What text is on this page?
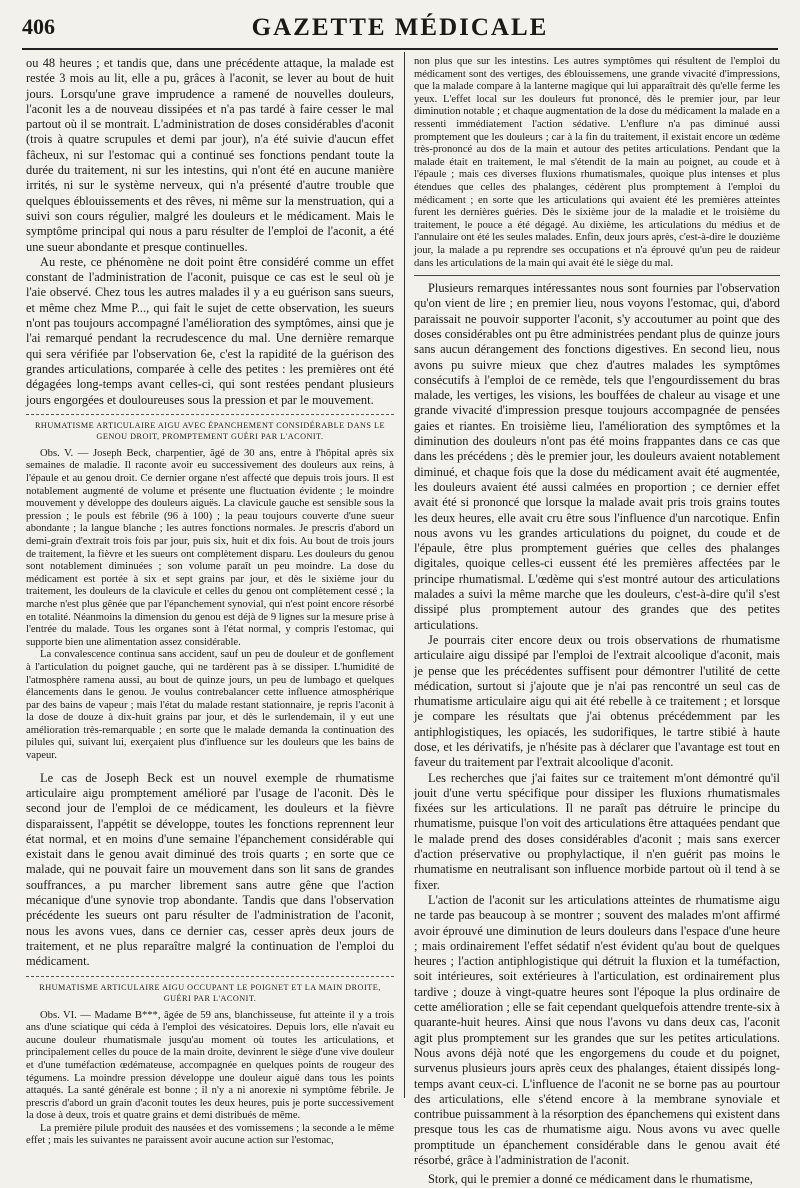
406	GAZETTE MÉDICALE

ou 48 heures ; et tandis que, dans une précédente attaque, la malade est restée 3 mois au lit, elle a pu, grâces à l'aconit, se lever au bout de huit jours. Lorsqu'une grave imprudence a ramené de nouvelles douleurs, l'aconit les a de nouveau dissipées et n'a pas tardé à faire cesser le mal partout où il se montrait. L'administration de doses considérables d'aconit (trois à quatre scrupules et demi par jour), n'a été suivie d'aucun effet fâcheux, ni sur l'estomac qui a continué ses fonctions pendant toute la durée du traitement, ni sur les intestins, qui n'ont été en aucune manière irrités, ni sur le système nerveux, qui n'a présenté d'autre trouble que quelques éblouissements et des rêves, ni même sur la menstruation, qui a suivi son cours régulier, malgré les douleurs et le médicament. Mais le symptôme principal qui nous a paru résulter de l'emploi de l'aconit, a été une sueur abondante et presque continuelles.

Au reste, ce phénomène ne doit point être considéré comme un effet constant de l'administration de l'aconit, puisque ce cas est le seul où je l'aie observé. Chez tous les autres malades il y a eu guérison sans sueurs, et même chez Mme P..., qui fait le sujet de cette observation, les sueurs n'ont pas toujours accompagné l'amélioration des symptômes, ainsi que je l'ai remarqué pendant la recrudescence du mal. Une dernière remarque qui sera vérifiée par l'observation 6e, c'est la rapidité de la guérison des grandes articulations, comparée à celle des petites : les premières ont été dégagées long-temps avant celles-ci, qui sont restées pendant plusieurs jours engorgées et douloureuses sous la pression et par le mouvement.

RHUMATISME ARTICULAIRE AIGU AVEC ÉPANCHEMENT CONSIDÉRABLE DANS LE GENOU DROIT, PROMPTEMENT GUÉRI PAR L'ACONIT.

Obs. V. — Joseph Beck, charpentier, âgé de 30 ans, entre à l'hôpital après six semaines de maladie. Il raconte avoir eu successivement des douleurs aux reins, à l'épaule et au genou droit. Ce dernier organe n'est affecté que depuis trois jours. Il est notablement augmenté de volume et présente une fluctuation évidente ; le moindre mouvement y développe des douleurs aiguës. La clavicule gauche est sensible sous la pression ; le pouls est fébrile (96 à 100) ; la peau toujours couverte d'une sueur abondante ; la langue blanche ; les autres fonctions normales. Je prescris d'abord un demi-grain d'extrait trois fois par jour, puis six, huit et dix fois. Au bout de trois jours de traitement, la fièvre et les sueurs ont complètement disparu. Les douleurs du genou sont notablement diminuées ; son volume paraît un peu moindre. La dose du médicament est portée à six et sept grains par jour, et dès le sixième jour du traitement, les douleurs de la clavicule et celles du genou ont complètement cessé ; la marche n'est plus gênée que par l'épanchement synovial, qui n'est point encore résorbé en totalité. Néanmoins la dimension du genou est déjà de 9 lignes sur la mesure prise à l'entrée du malade. Tous les organes sont à l'état normal, y compris l'estomac, qui supporte bien une alimentation assez considérable.

La convalescence continua sans accident, sauf un peu de douleur et de gonflement à l'articulation du poignet gauche, qui ne tardèrent pas à se dissiper. L'humidité de l'atmosphère ramena aussi, au bout de quinze jours, un peu de lumbago et quelques élancements dans le genou. Je voulus contrebalancer cette influence atmosphérique par des bains de vapeur ; mais l'état du malade restant stationnaire, je repris l'aconit à la dose de douze à dix-huit grains par jour, et dès le surlendemain, il y eut une amélioration très-remarquable ; en sorte que le malade demanda la continuation des pilules qui, suivant lui, exerçaient plus d'influence sur les douleurs que les bains de vapeur.

Le cas de Joseph Beck est un nouvel exemple de rhumatisme articulaire aigu promptement amélioré par l'usage de l'aconit. Dès le second jour de l'emploi de ce médicament, les douleurs et la fièvre disparaissent, l'appétit se développe, toutes les fonctions reprennent leur état normal, et en moins d'une semaine l'épanchement considérable qui existait dans le genou avait diminué des trois quarts ; en sorte que ce malade, qui ne pouvait faire un mouvement dans son lit sans de grandes souffrances, a pu marcher librement sans autre gêne que l'action mécanique d'une synovie trop abondante. Tandis que dans l'observation précédente les sueurs ont paru résulter de l'administration de l'aconit, nous les avons vues, dans ce dernier cas, cesser après deux jours de traitement, et ne plus reparaître malgré la continuation de l'emploi du médicament.

RHUMATISME ARTICULAIRE AIGU OCCUPANT LE POIGNET ET LA MAIN DROITE, GUÉRI PAR L'ACONIT.

Obs. VI. — Madame B***, âgée de 59 ans, blanchisseuse, fut atteinte il y a trois ans d'une sciatique qui céda à l'emploi des vésicatoires. Depuis lors, elle n'avait eu aucune douleur rhumatismale jusqu'au moment où toutes les articulations, et principalement celles du pouce de la main droite, devinrent le siège d'une vive douleur et d'une tuméfaction œdémateuse, accompagnée en quelques points de rougeur des tégumens. La moindre pression développe une douleur aiguë dans tous les points attaqués. La santé générale est bonne ; il n'y a ni anorexie ni symptôme fébrile. Je prescris d'abord un grain d'aconit toutes les deux heures, puis je porte successivement la dose à deux, trois et quatre grains et demi distribués de même.

La première pilule produit des nausées et des vomissemens ; la seconde a le même effet ; mais les suivantes ne paraissent avoir aucune action sur l'estomac,

non plus que sur les intestins. Les autres symptômes qui résultent de l'emploi du médicament sont des vertiges, des éblouissemens, une grande vivacité d'impressions, que la malade compare à la lanterne magique qui lui apparaîtrait dès qu'elle ferme les yeux. L'effet local sur les douleurs fut prononcé, dès le premier jour, par leur diminution notable ; et chaque augmentation de la dose du médicament la malade en a ressenti immédiatement l'action sédative. L'enflure n'a pas diminué aussi promptement que les douleurs ; car à la fin du traitement, il existait encore un œdème très-prononcé au dos de la main et autour des petites articulations. Pendant que la malade était en traitement, le mal s'étendit de la main au poignet, au coude et à l'épaule ; mais ces diverses fluxions rhumatismales, quoique plus intenses et plus étendues que celles des phalanges, cédèrent plus promptement à l'emploi du médicament ; en sorte que les articulations qui avaient été les premières atteintes furent les dernières guéries. Dès le sixième jour de la maladie et le troisième du traitement, le pouce a été dégagé. Au dixième, les articulations du médius et de l'annulaire ont été les seules malades. Enfin, deux jours après, c'est-à-dire le douzième jour, la malade a pu reprendre ses occupations et n'a éprouvé qu'un peu de raideur dans les articulations de la main qui avait été le siège du mal.

Plusieurs remarques intéressantes nous sont fournies par l'observation qu'on vient de lire ; en premier lieu, nous voyons l'estomac, qui, d'abord paraissait ne pouvoir supporter l'aconit, s'y accoutumer au point que des doses considérables ont pu être administrées pendant plus de quinze jours sans aucun dérangement des fonctions digestives. En second lieu, nous avons pu suivre mieux que chez d'autres malades les symptômes consécutifs à l'emploi de ce remède, tels que l'engourdissement du bras malade, les vertiges, les visions, les bouffées de chaleur au visage et une grande vivacité d'impression presque toujours accompagnée de pensées gaies et riantes. En troisième lieu, l'amélioration des symptômes et la diminution des douleurs n'ont pas été moins frappantes dans ce cas que dans les précédens ; dès le premier jour, les douleurs avaient notablement diminué, et chaque fois que la dose du médicament avait été augmentée, les douleurs avaient été aussi calmées en proportion ; ce dernier effet avait été si prononcé que lorsque la malade avait pris trois grains toutes les deux heures, elle avait cru être sous l'influence d'un narcotique. Enfin nous avons vu les grandes articulations du poignet, du coude et de l'épaule, être plus promptement guéries que celles des phalanges digitales, quoique celles-ci eussent été les premières affectées par le principe rhumatismal. L'œdème qui s'est montré autour des articulations malades a suivi la même marche que les douleurs, c'est-à-dire qu'il s'est dissipé plus promptement autour des grandes que des petites articulations.

Je pourrais citer encore deux ou trois observations de rhumatisme articulaire aigu dissipé par l'emploi de l'extrait alcoolique d'aconit, mais je pense que les précédentes suffisent pour démontrer l'utilité de cette médication, surtout si j'ajoute que je n'ai pas rencontré un seul cas de rhumatisme articulaire aigu qui ait été rebelle à ce traitement ; et lorsque je compare les résultats que j'ai obtenus précédemment par les antiphlogistiques, les opiacés, les sudorifiques, le tartre stibié à haute dose, et les dérivatifs, je n'hésite pas à déclarer que l'avantage est tout en faveur du traitement par l'extrait alcoolique d'aconit.

Les recherches que j'ai faites sur ce traitement m'ont démontré qu'il jouit d'une vertu spécifique pour dissiper les fluxions rhumatismales fixées sur les articulations. Il ne paraît pas détruire le principe du rhumatisme, puisque l'on voit des articulations être attaquées pendant que le malade prend des doses considérables d'aconit ; mais sans exercer d'action préservative ou prophylactique, il n'en guérit pas moins le rhumatisme en neutralisant son influence morbide partout où il tend à se fixer.

L'action de l'aconit sur les articulations atteintes de rhumatisme aigu ne tarde pas beaucoup à se montrer ; souvent des malades m'ont affirmé avoir éprouvé une diminution de leurs douleurs dans l'espace d'une heure ; mais ordinairement l'effet sédatif n'est évident qu'au bout de quelques heures ; l'action antiphlogistique qui détruit la fluxion et la tuméfaction, soit intérieures, soit extérieures à l'articulation, est ordinairement plus tardive ; douze à vingt-quatre heures sont l'époque la plus ordinaire de cette amélioration ; elle se fait cependant quelquefois attendre trente-six à quarante-huit heures. Ainsi que nous l'avons vu dans deux cas, l'aconit agit plus promptement sur les grandes que sur les petites articulations. Nous avons déjà noté que les engorgemens du coude et du poignet, survenus plusieurs jours après ceux des phalanges, étaient dissipés long-temps avant ceux-ci. L'influence de l'aconit ne se borne pas au pourtour des articulations, elle s'étend encore à la membrane synoviale et contribue puissamment à la résorption des épanchemens qui existent dans presque tous les cas de rhumatisme aigu. Nous avons vu avec quelle promptitude un épanchement considérable dans le genou avait été résorbé, grâce à l'administration de l'aconit.

Stork, qui le premier a donné ce médicament dans le rhumatisme,
